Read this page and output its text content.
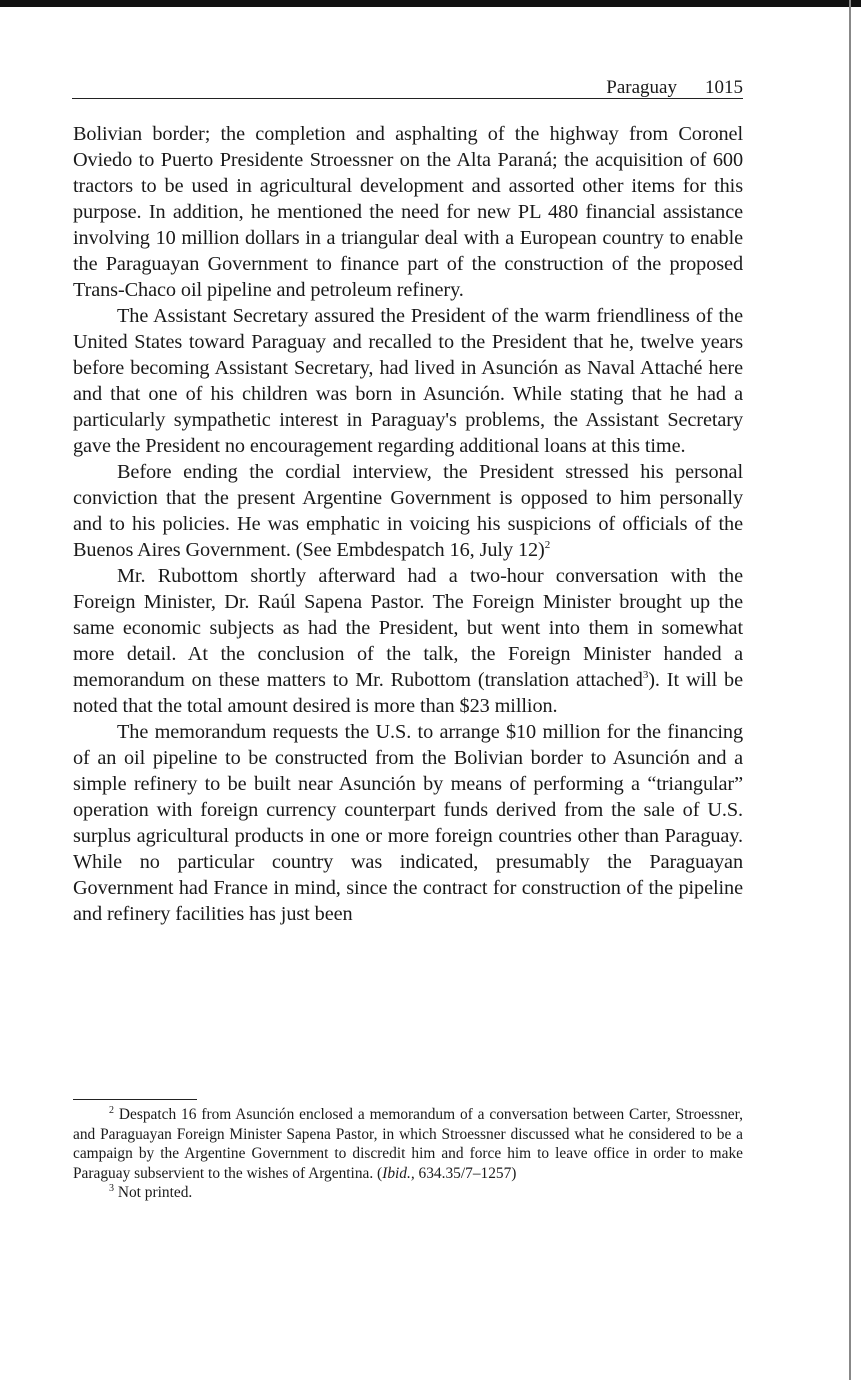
Paraguay 1015

Bolivian border; the completion and asphalting of the highway from Coronel Oviedo to Puerto Presidente Stroessner on the Alta Paraná; the acquisition of 600 tractors to be used in agricultural development and assorted other items for this purpose. In addition, he mentioned the need for new PL 480 financial assistance involving 10 million dollars in a triangular deal with a European country to enable the Paraguayan Government to finance part of the construction of the proposed Trans-Chaco oil pipeline and petroleum refinery.

The Assistant Secretary assured the President of the warm friendliness of the United States toward Paraguay and recalled to the President that he, twelve years before becoming Assistant Secretary, had lived in Asunción as Naval Attaché here and that one of his children was born in Asunción. While stating that he had a particularly sympathetic interest in Paraguay's problems, the Assistant Secretary gave the President no encouragement regarding additional loans at this time.

Before ending the cordial interview, the President stressed his personal conviction that the present Argentine Government is opposed to him personally and to his policies. He was emphatic in voicing his suspicions of officials of the Buenos Aires Government. (See Embdespatch 16, July 12)$^2$

Mr. Rubottom shortly afterward had a two-hour conversation with the Foreign Minister, Dr. Raúl Sapena Pastor. The Foreign Minister brought up the same economic subjects as had the President, but went into them in somewhat more detail. At the conclusion of the talk, the Foreign Minister handed a memorandum on these matters to Mr. Rubottom (translation attached$^3$). It will be noted that the total amount desired is more than $23 million.

The memorandum requests the U.S. to arrange $10 million for the financing of an oil pipeline to be constructed from the Bolivian border to Asunción and a simple refinery to be built near Asunción by means of performing a “triangular” operation with foreign currency counterpart funds derived from the sale of U.S. surplus agricultural products in one or more foreign countries other than Paraguay. While no particular country was indicated, presumably the Paraguayan Government had France in mind, since the contract for construction of the pipeline and refinery facilities has just been

$^2$ Despatch 16 from Asunción enclosed a memorandum of a conversation between Carter, Stroessner, and Paraguayan Foreign Minister Sapena Pastor, in which Stroessner discussed what he considered to be a campaign by the Argentine Government to discredit him and force him to leave office in order to make Paraguay subservient to the wishes of Argentina. (Ibid., 634.35/7–1257)

$^3$ Not printed.
